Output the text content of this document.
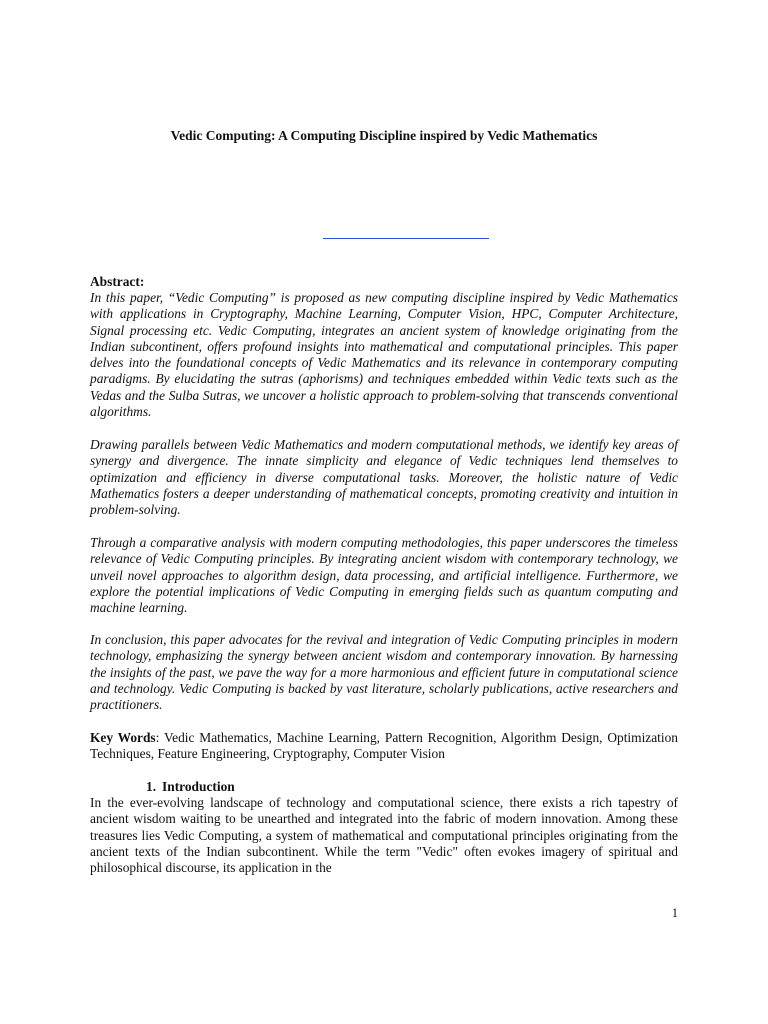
Vedic Computing: A Computing Discipline inspired by Vedic Mathematics

Abstract:

In this paper, “Vedic Computing” is proposed as new computing discipline inspired by Vedic Mathematics with applications in Cryptography, Machine Learning, Computer Vision, HPC, Computer Architecture, Signal processing etc. Vedic Computing, integrates an ancient system of knowledge originating from the Indian subcontinent, offers profound insights into mathematical and computational principles. This paper delves into the foundational concepts of Vedic Mathematics and its relevance in contemporary computing paradigms. By elucidating the sutras (aphorisms) and techniques embedded within Vedic texts such as the Vedas and the Sulba Sutras, we uncover a holistic approach to problem-solving that transcends conventional algorithms.

Drawing parallels between Vedic Mathematics and modern computational methods, we identify key areas of synergy and divergence. The innate simplicity and elegance of Vedic techniques lend themselves to optimization and efficiency in diverse computational tasks. Moreover, the holistic nature of Vedic Mathematics fosters a deeper understanding of mathematical concepts, promoting creativity and intuition in problem-solving.

Through a comparative analysis with modern computing methodologies, this paper underscores the timeless relevance of Vedic Computing principles. By integrating ancient wisdom with contemporary technology, we unveil novel approaches to algorithm design, data processing, and artificial intelligence. Furthermore, we explore the potential implications of Vedic Computing in emerging fields such as quantum computing and machine learning.

In conclusion, this paper advocates for the revival and integration of Vedic Computing principles in modern technology, emphasizing the synergy between ancient wisdom and contemporary innovation. By harnessing the insights of the past, we pave the way for a more harmonious and efficient future in computational science and technology. Vedic Computing is backed by vast literature, scholarly publications, active researchers and practitioners.

Key Words: Vedic Mathematics, Machine Learning, Pattern Recognition, Algorithm Design, Optimization Techniques, Feature Engineering, Cryptography, Computer Vision

1. Introduction

In the ever-evolving landscape of technology and computational science, there exists a rich tapestry of ancient wisdom waiting to be unearthed and integrated into the fabric of modern innovation. Among these treasures lies Vedic Computing, a system of mathematical and computational principles originating from the ancient texts of the Indian subcontinent. While the term "Vedic" often evokes imagery of spiritual and philosophical discourse, its application in the

1
